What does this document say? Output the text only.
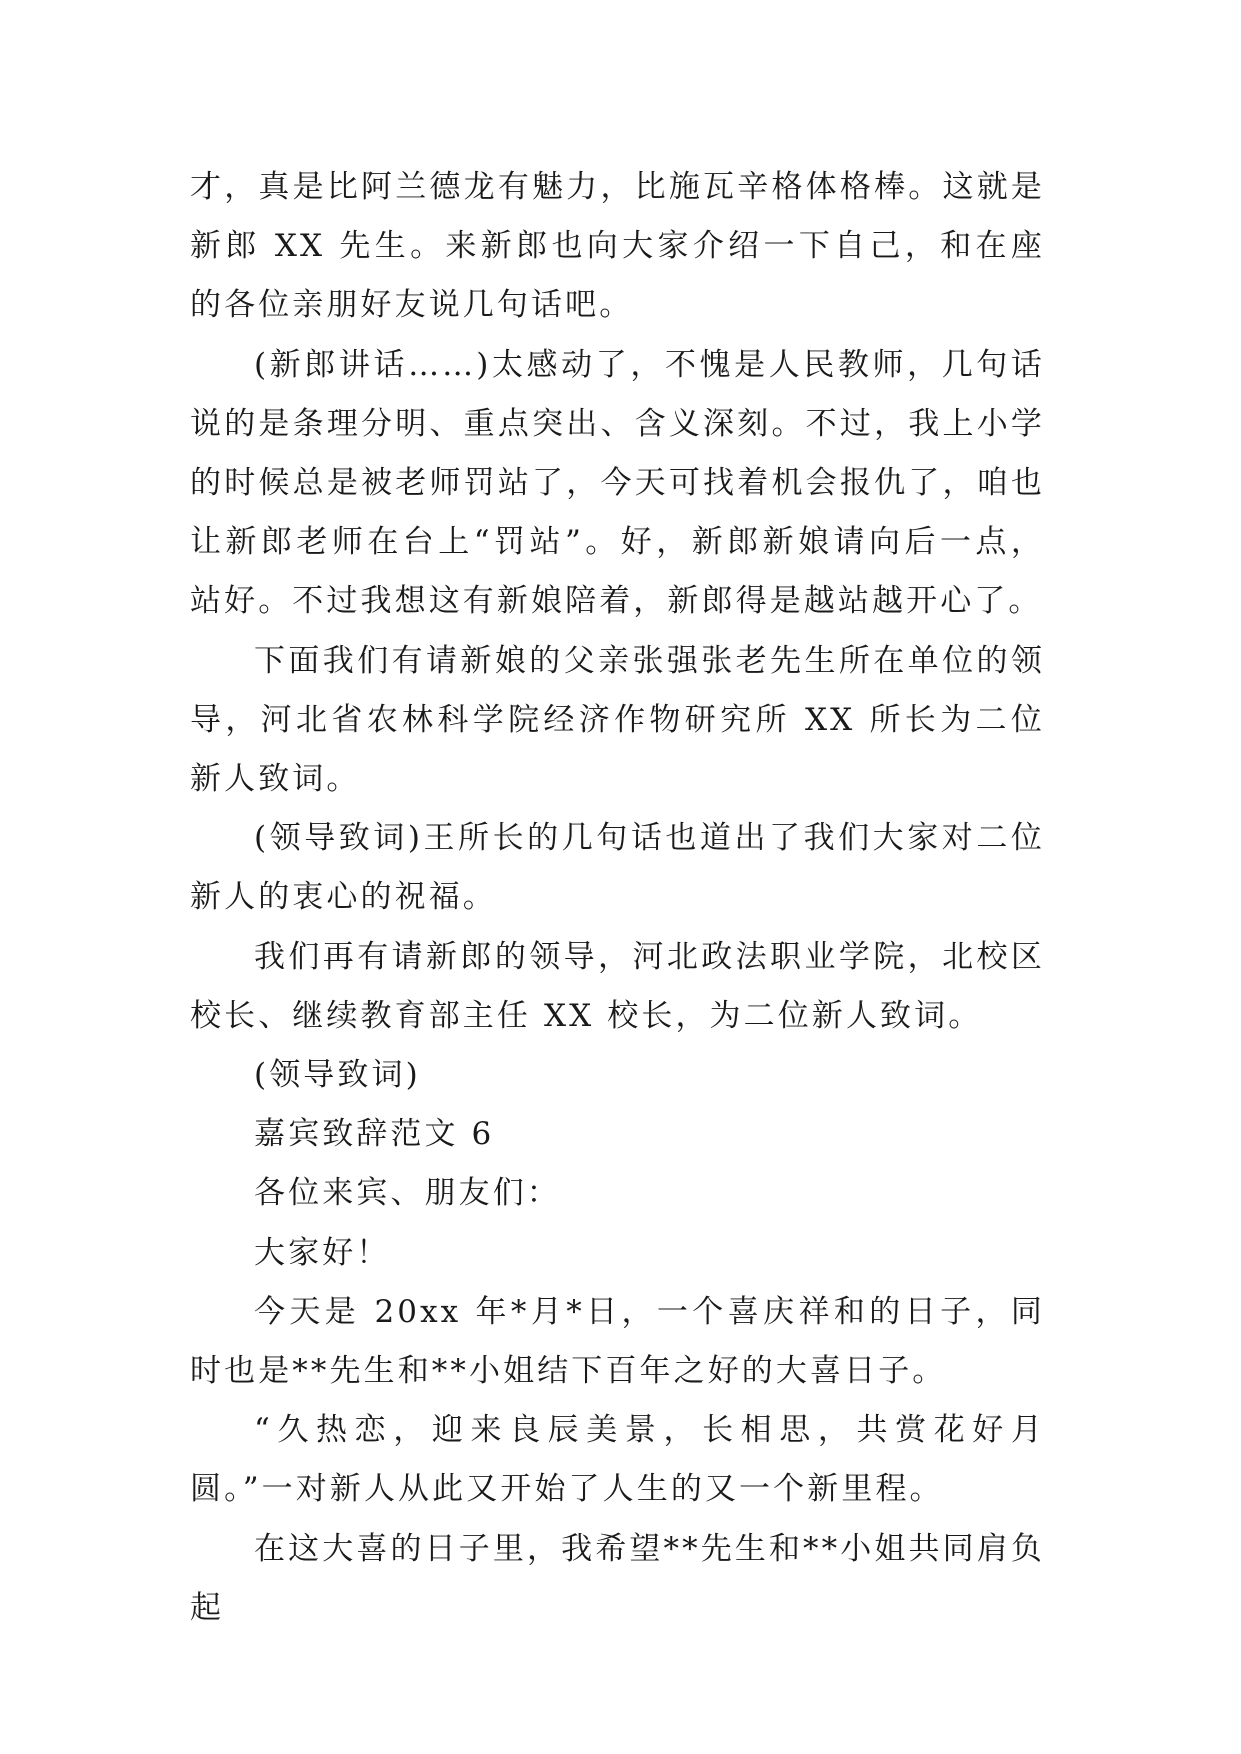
才，真是比阿兰德龙有魅力，比施瓦辛格体格棒。这就是新郎 XX 先生。来新郎也向大家介绍一下自己，和在座的各位亲朋好友说几句话吧。

(新郎讲话……)太感动了，不愧是人民教师，几句话说的是条理分明、重点突出、含义深刻。不过，我上小学的时候总是被老师罚站了，今天可找着机会报仇了，咱也让新郎老师在台上“罚站”。好，新郎新娘请向后一点，站好。不过我想这有新娘陪着，新郎得是越站越开心了。

下面我们有请新娘的父亲张强张老先生所在单位的领导，河北省农林科学院经济作物研究所 XX 所长为二位新人致词。

(领导致词)王所长的几句话也道出了我们大家对二位新人的衷心的祝福。

我们再有请新郎的领导，河北政法职业学院，北校区校长、继续教育部主任 XX 校长，为二位新人致词。

(领导致词)

嘉宾致辞范文 6

各位来宾、朋友们：

大家好！

今天是 20xx 年*月*日，一个喜庆祥和的日子，同时也是**先生和**小姐结下百年之好的大喜日子。

“久热恋，迎来良辰美景，长相思，共赏花好月圆。”一对新人从此又开始了人生的又一个新里程。

在这大喜的日子里，我希望**先生和**小姐共同肩负起
